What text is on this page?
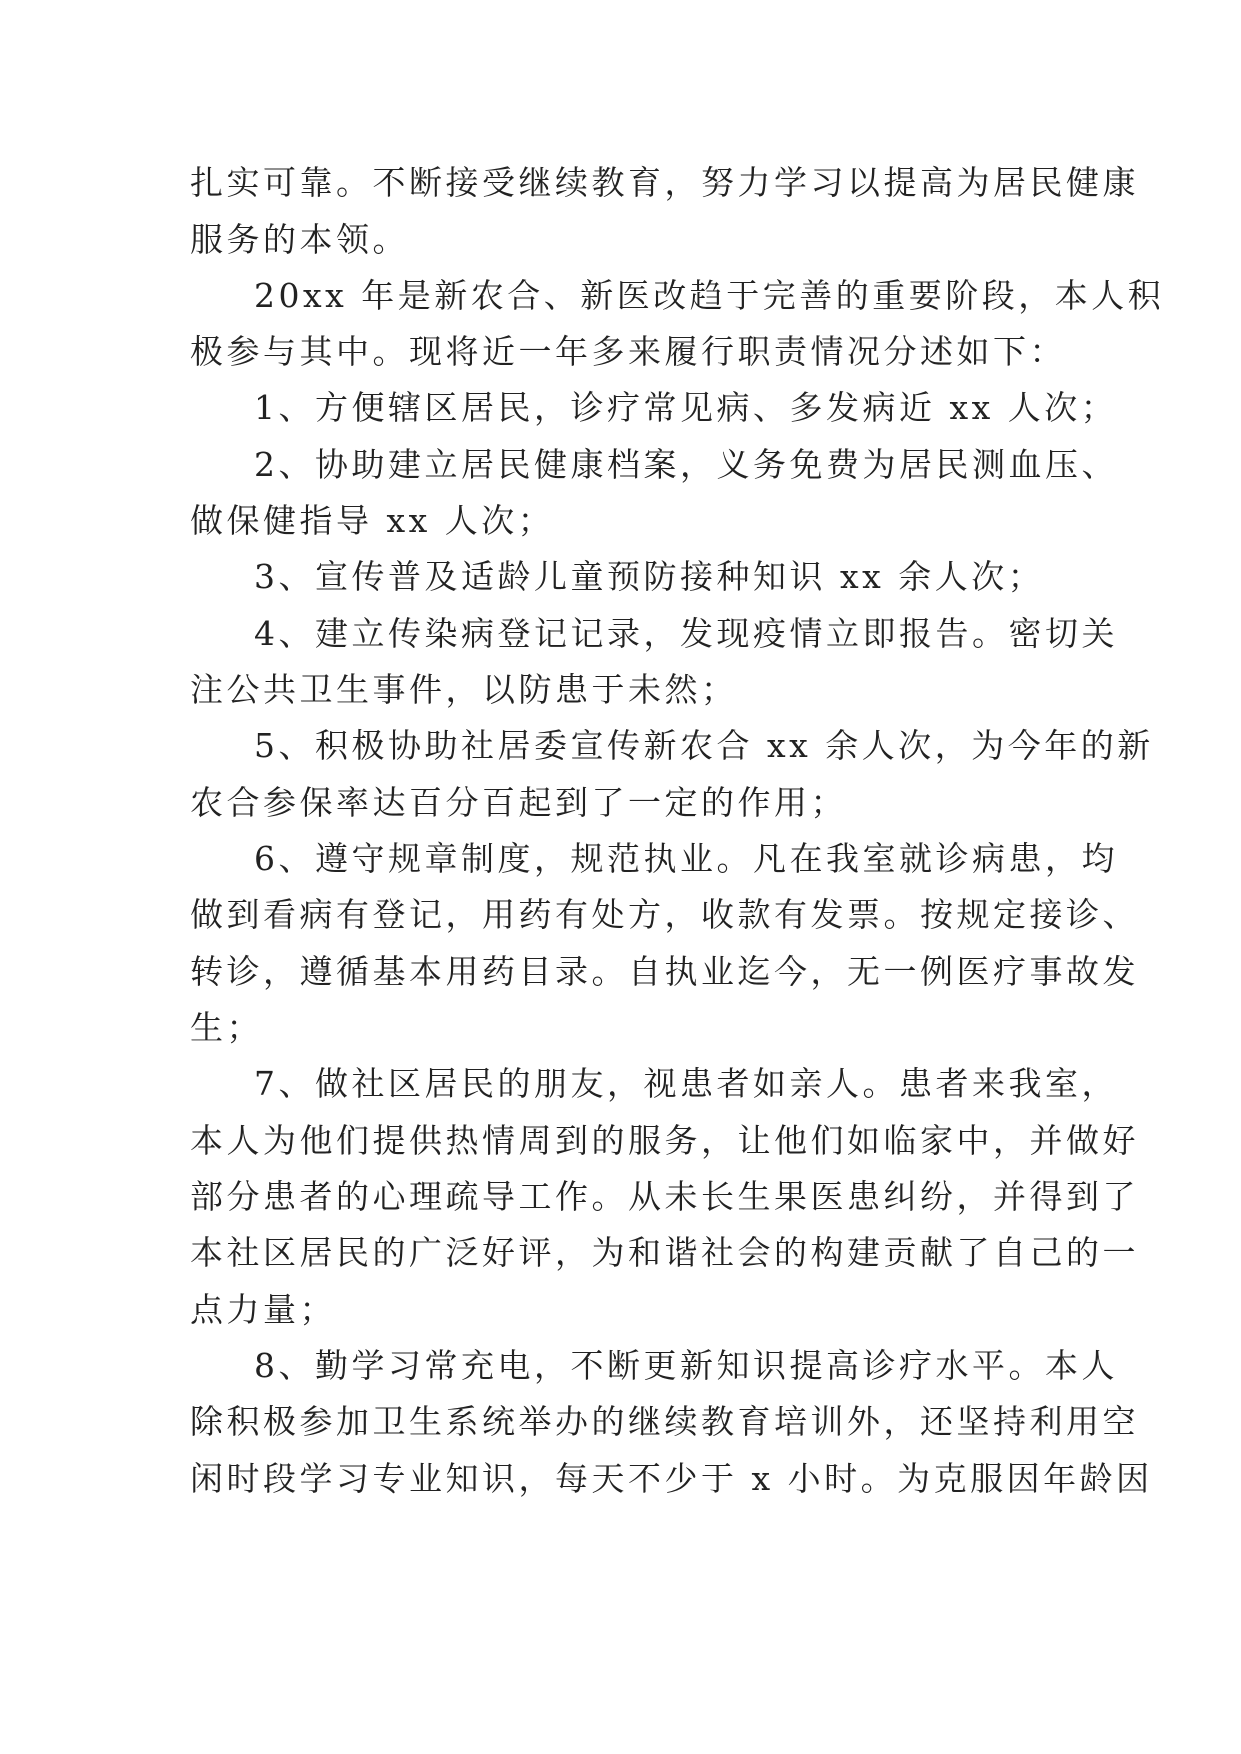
扎实可靠。不断接受继续教育，努力学习以提高为居民健康

服务的本领。

20xx 年是新农合、新医改趋于完善的重要阶段，本人积

极参与其中。现将近一年多来履行职责情况分述如下：

1、方便辖区居民，诊疗常见病、多发病近 xx 人次；

2、协助建立居民健康档案，义务免费为居民测血压、

做保健指导 xx 人次；

3、宣传普及适龄儿童预防接种知识 xx 余人次；

4、建立传染病登记记录，发现疫情立即报告。密切关

注公共卫生事件，以防患于未然；

5、积极协助社居委宣传新农合 xx 余人次，为今年的新

农合参保率达百分百起到了一定的作用；

6、遵守规章制度，规范执业。凡在我室就诊病患，均

做到看病有登记，用药有处方，收款有发票。按规定接诊、

转诊，遵循基本用药目录。自执业迄今，无一例医疗事故发

生；

7、做社区居民的朋友，视患者如亲人。患者来我室，

本人为他们提供热情周到的服务，让他们如临家中，并做好

部分患者的心理疏导工作。从未长生果医患纠纷，并得到了

本社区居民的广泛好评，为和谐社会的构建贡献了自己的一

点力量；

8、勤学习常充电，不断更新知识提高诊疗水平。本人

除积极参加卫生系统举办的继续教育培训外，还坚持利用空

闲时段学习专业知识，每天不少于 x 小时。为克服因年龄因
